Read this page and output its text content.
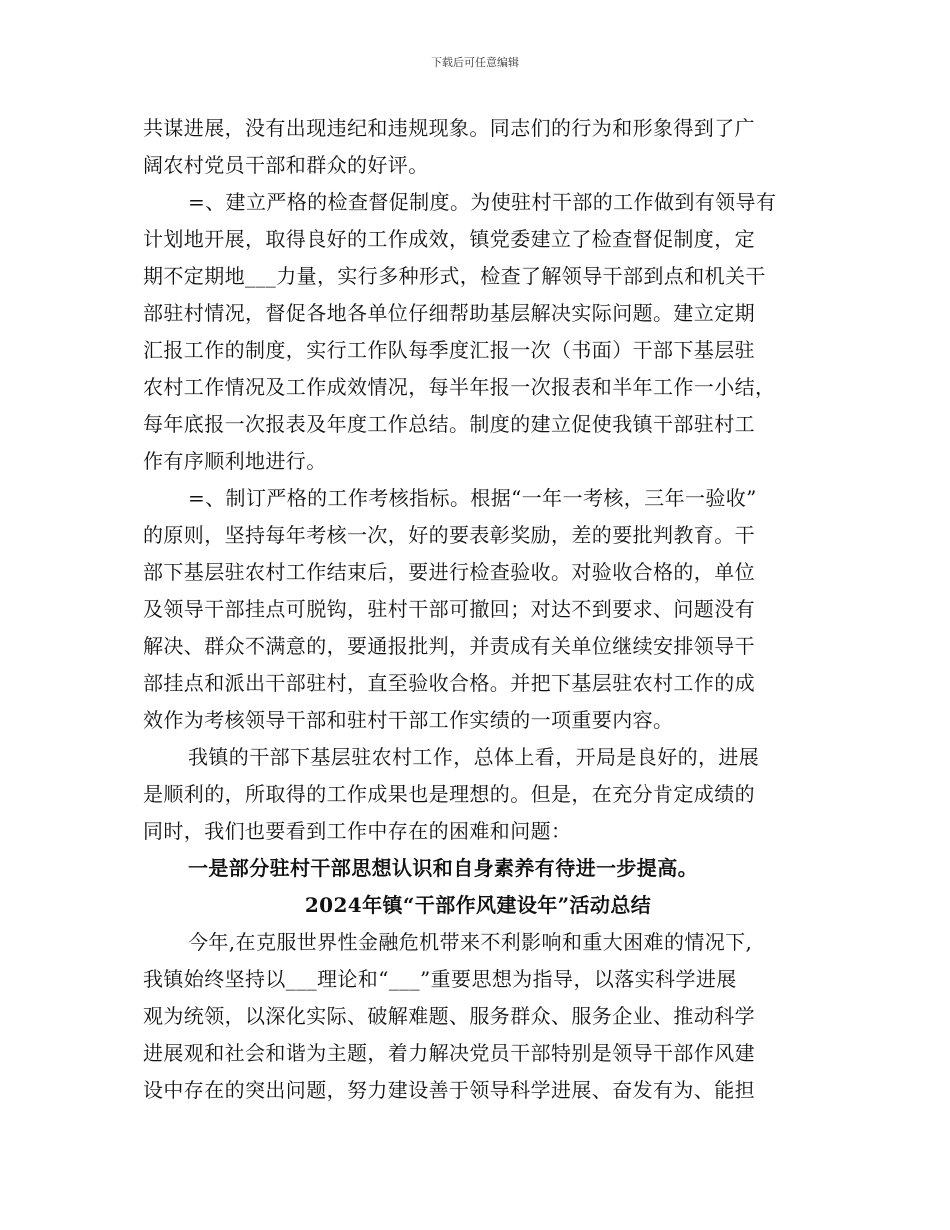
下载后可任意编辑
共谋进展，没有出现违纪和违规现象。同志们的行为和形象得到了广
阔农村党员干部和群众的好评。
=、建立严格的检查督促制度。为使驻村干部的工作做到有领导有
计划地开展，取得良好的工作成效，镇党委建立了检查督促制度，定
期不定期地___力量，实行多种形式，检查了解领导干部到点和机关干
部驻村情况，督促各地各单位仔细帮助基层解决实际问题。建立定期
汇报工作的制度，实行工作队每季度汇报一次（书面）干部下基层驻
农村工作情况及工作成效情况，每半年报一次报表和半年工作一小结，
每年底报一次报表及年度工作总结。制度的建立促使我镇干部驻村工
作有序顺利地进行。
=、制订严格的工作考核指标。根据“一年一考核，三年一验收”
的原则，坚持每年考核一次，好的要表彰奖励，差的要批判教育。干
部下基层驻农村工作结束后，要进行检查验收。对验收合格的，单位
及领导干部挂点可脱钩，驻村干部可撤回；对达不到要求、问题没有
解决、群众不满意的，要通报批判，并责成有关单位继续安排领导干
部挂点和派出干部驻村，直至验收合格。并把下基层驻农村工作的成
效作为考核领导干部和驻村干部工作实绩的一项重要内容。
我镇的干部下基层驻农村工作，总体上看，开局是良好的，进展
是顺利的，所取得的工作成果也是理想的。但是，在充分肯定成绩的
同时，我们也要看到工作中存在的困难和问题：
一是部分驻村干部思想认识和自身素养有待进一步提高。
2024年镇“干部作风建设年”活动总结
今年,在克服世界性金融危机带来不利影响和重大困难的情况下,
我镇始终坚持以___理论和“___”重要思想为指导，以落实科学进展
观为统领，以深化实际、破解难题、服务群众、服务企业、推动科学
进展观和社会和谐为主题，着力解决党员干部特别是领导干部作风建
设中存在的突出问题，努力建设善于领导科学进展、奋发有为、能担
